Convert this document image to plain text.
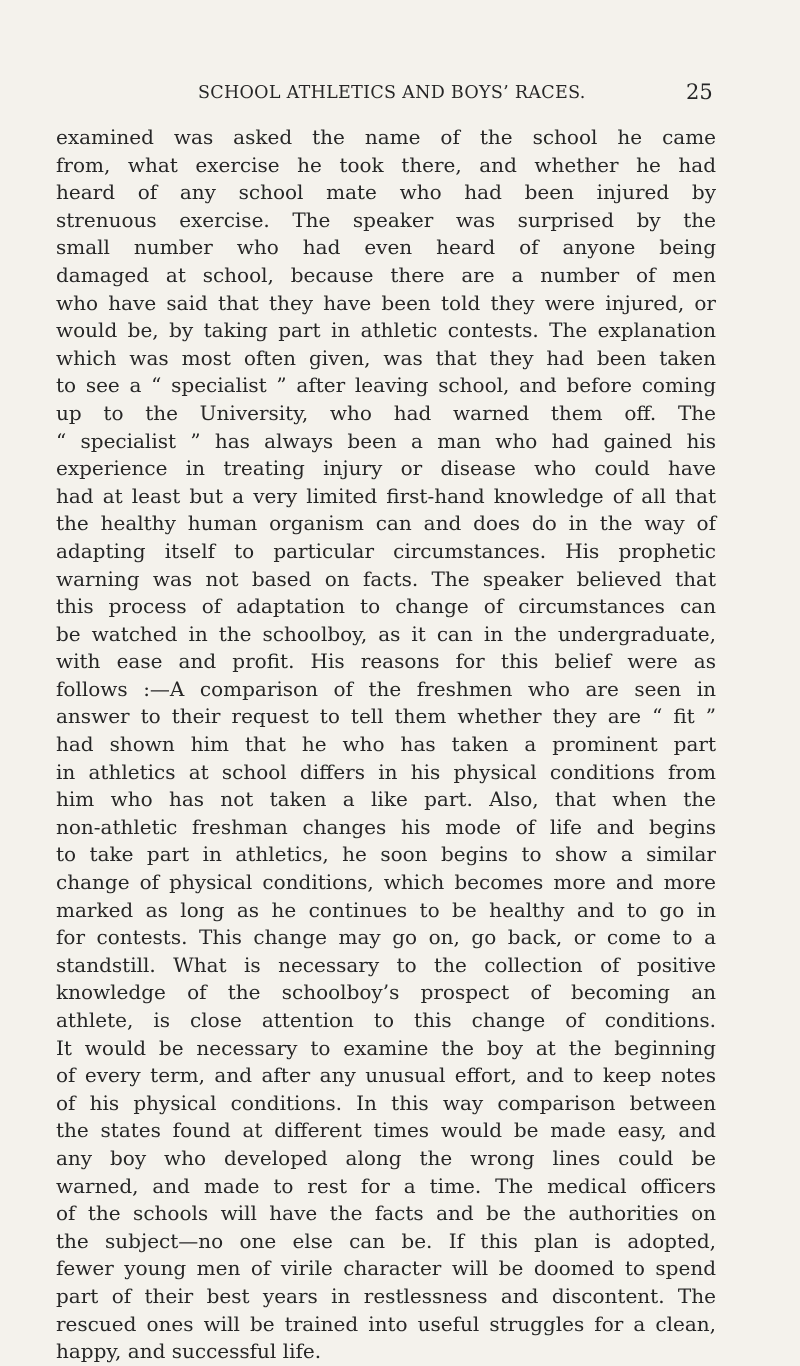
SCHOOL ATHLETICS AND BOYS’ RACES.	25
examined was asked the name of the school he came
from, what exercise he took there, and whether he had
heard of any school mate who had been injured by
strenuous exercise. The speaker was surprised by the
small number who had even heard of anyone being
damaged at school, because there are a number of men
who have said that they have been told they were injured, or
would be, by taking part in athletic contests. The explanation
which was most often given, was that they had been taken
to see a “ specialist ” after leaving school, and before coming
up to the University, who had warned them off. The
“ specialist ” has always been a man who had gained his
experience in treating injury or disease who could have
had at least but a very limited first-hand knowledge of all that
the healthy human organism can and does do in the way of
adapting itself to particular circumstances. His prophetic
warning was not based on facts. The speaker believed that
this process of adaptation to change of circumstances can
be watched in the schoolboy, as it can in the undergraduate,
with ease and profit. His reasons for this belief were as
follows :—A comparison of the freshmen who are seen in
answer to their request to tell them whether they are “ fit ”
had shown him that he who has taken a prominent part
in athletics at school differs in his physical conditions from
him who has not taken a like part. Also, that when the
non-athletic freshman changes his mode of life and begins
to take part in athletics, he soon begins to show a similar
change of physical conditions, which becomes more and more
marked as long as he continues to be healthy and to go in
for contests. This change may go on, go back, or come to a
standstill. What is necessary to the collection of positive
knowledge of the schoolboy’s prospect of becoming an
athlete, is close attention to this change of conditions.
It would be necessary to examine the boy at the beginning
of every term, and after any unusual effort, and to keep notes
of his physical conditions. In this way comparison between
the states found at different times would be made easy, and
any boy who developed along the wrong lines could be
warned, and made to rest for a time. The medical officers
of the schools will have the facts and be the authorities on
the subject—no one else can be. If this plan is adopted,
fewer young men of virile character will be doomed to spend
part of their best years in restlessness and discontent. The
rescued ones will be trained into useful struggles for a clean,
happy, and successful life.
